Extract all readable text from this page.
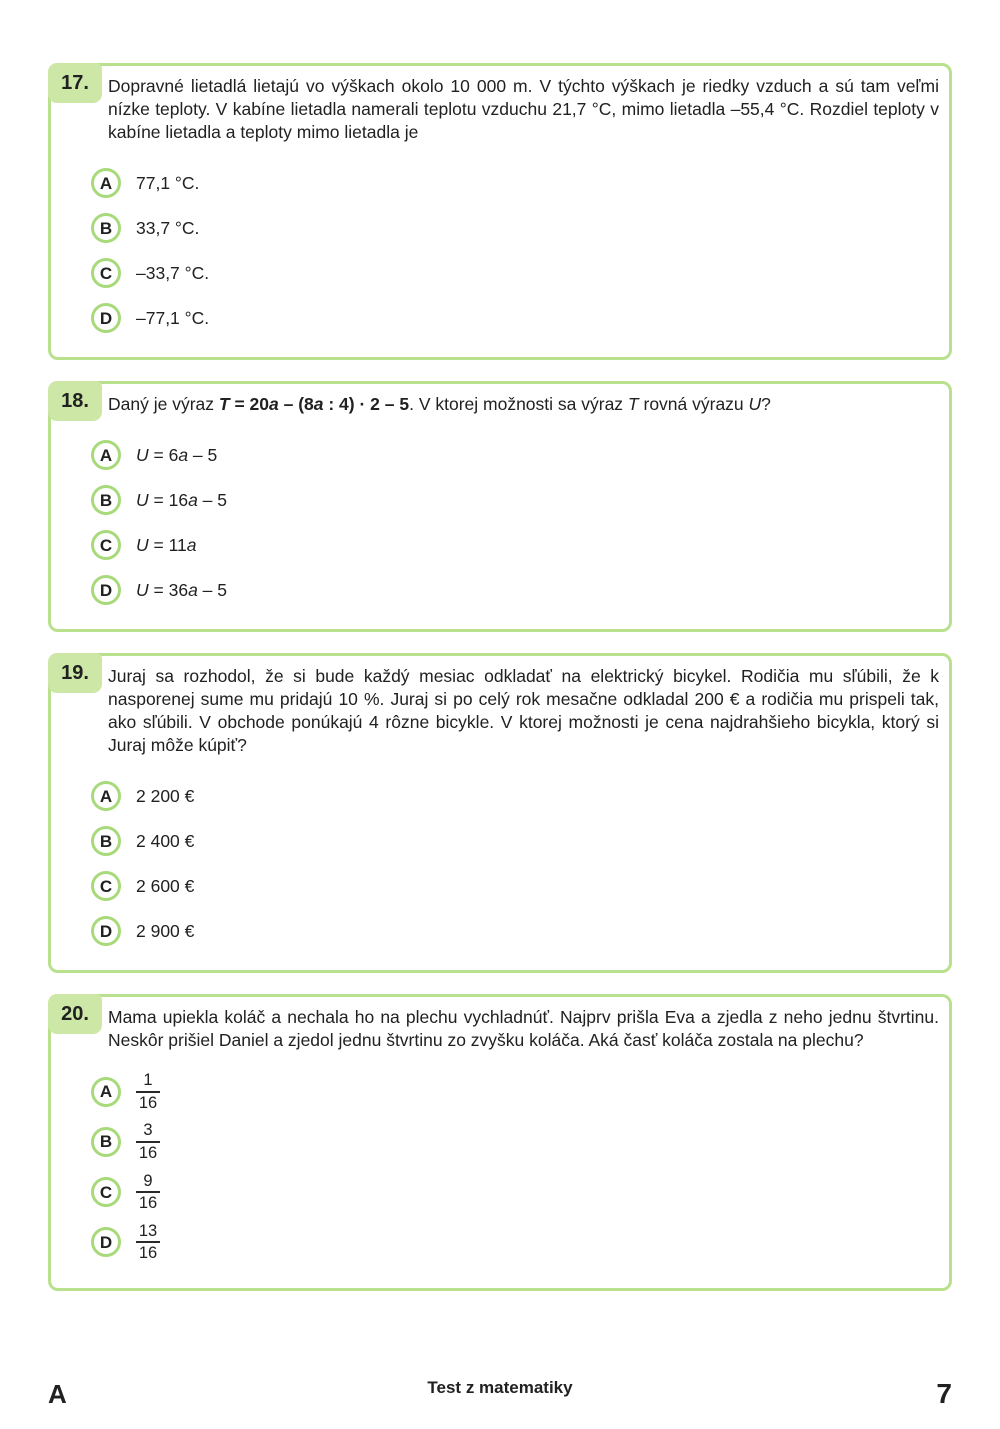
17. Dopravné lietadlá lietajú vo výškach okolo 10 000 m. V týchto výškach je riedky vzduch a sú tam veľmi nízke teploty. V kabíne lietadla namerali teplotu vzduchu 21,7 °C, mimo lietadla –55,4 °C. Rozdiel teploty v kabíne lietadla a teploty mimo lietadla je

A 77,1 °C.
B 33,7 °C.
C –33,7 °C.
D –77,1 °C.
18. Daný je výraz T = 20a – (8a : 4) · 2 – 5. V ktorej možnosti sa výraz T rovná výrazu U?

A U = 6a – 5
B U = 16a – 5
C U = 11a
D U = 36a – 5
19. Juraj sa rozhodol, že si bude každý mesiac odkladať na elektrický bicykel. Rodičia mu sľúbili, že k nasporenej sume mu pridajú 10 %. Juraj si po celý rok mesačne odkladal 200 € a rodičia mu prispeli tak, ako sľúbili. V obchode ponúkajú 4 rôzne bicykle. V ktorej možnosti je cena najdrahšieho bicykla, ktorý si Juraj môže kúpiť?

A 2 200 €
B 2 400 €
C 2 600 €
D 2 900 €
20. Mama upiekla koláč a nechala ho na plechu vychladnúť. Najprv prišla Eva a zjedla z neho jednu štvrtinu. Neskôr prišiel Daniel a zjedol jednu štvrtinu zo zvyšku koláča. Aká časť koláča zostala na plechu?

A $\frac{1}{16}$
B $\frac{3}{16}$
C $\frac{9}{16}$
D $\frac{13}{16}$
A	Test z matematiky	7
